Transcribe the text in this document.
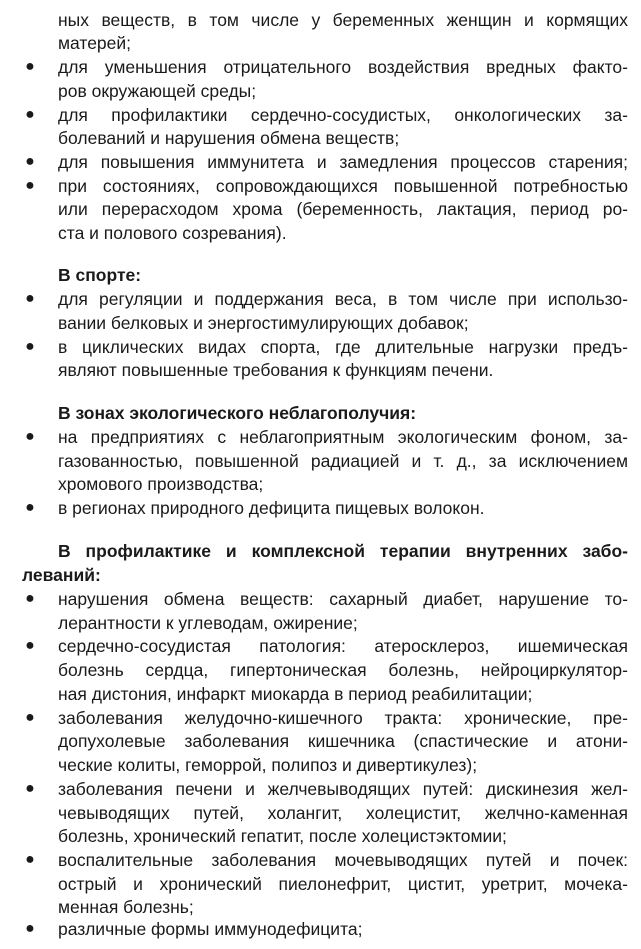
ных веществ, в том числе у беременных женщин и кормящих
матерей;
● для уменьшения отрицательного воздействия вредных факто-
ров окружающей среды;
● для профилактики сердечно-сосудистых, онкологических за-
болеваний и нарушения обмена веществ;
● для повышения иммунитета и замедления процессов старения;
● при состояниях, сопровождающихся повышенной потребностью
или перерасходом хрома (беременность, лактация, период ро-
ста и полового созревания).
В спорте:
● для регуляции и поддержания веса, в том числе при использо-
вании белковых и энергостимулирующих добавок;
● в циклических видах спорта, где длительные нагрузки предъ-
являют повышенные требования к функциям печени.
В зонах экологического неблагополучия:
● на предприятиях с неблагоприятным экологическим фоном, за-
газованностью, повышенной радиацией и т. д., за исключением
хромового производства;
● в регионах природного дефицита пищевых волокон.
В профилактике и комплексной терапии внутренних забо-
леваний:
● нарушения обмена веществ: сахарный диабет, нарушение то-
лерантности к углеводам, ожирение;
● сердечно-сосудистая патология: атеросклероз, ишемическая
болезнь сердца, гипертоническая болезнь, нейроциркулятор-
ная дистония, инфаркт миокарда в период реабилитации;
● заболевания желудочно-кишечного тракта: хронические, пре-
допухолевые заболевания кишечника (спастические и атони-
ческие колиты, геморрой, полипоз и дивертикулез);
● заболевания печени и желчевыводящих путей: дискинезия жел-
чевыводящих путей, холангит, холецистит, желчно-каменная
болезнь, хронический гепатит, после холецистэктомии;
● воспалительные заболевания мочевыводящих путей и почек:
острый и хронический пиелонефрит, цистит, уретрит, мочека-
менная болезнь;
● различные формы иммунодефицита;
